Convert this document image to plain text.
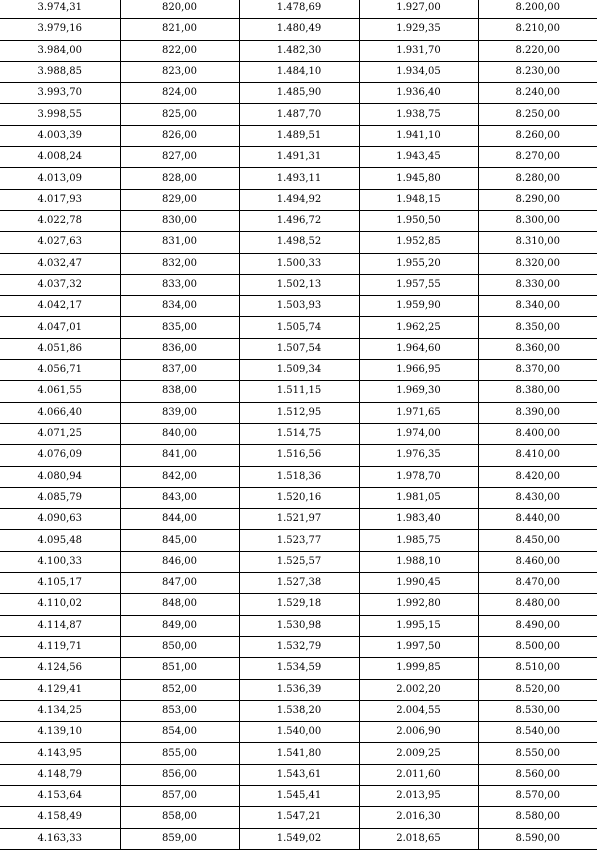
3.974,31	820,00	1.478,69	1.927,00	8.200,00
3.979,16	821,00	1.480,49	1.929,35	8.210,00
3.984,00	822,00	1.482,30	1.931,70	8.220,00
3.988,85	823,00	1.484,10	1.934,05	8.230,00
3.993,70	824,00	1.485,90	1.936,40	8.240,00
3.998,55	825,00	1.487,70	1.938,75	8.250,00
4.003,39	826,00	1.489,51	1.941,10	8.260,00
4.008,24	827,00	1.491,31	1.943,45	8.270,00
4.013,09	828,00	1.493,11	1.945,80	8.280,00
4.017,93	829,00	1.494,92	1.948,15	8.290,00
4.022,78	830,00	1.496,72	1.950,50	8.300,00
4.027,63	831,00	1.498,52	1.952,85	8.310,00
4.032,47	832,00	1.500,33	1.955,20	8.320,00
4.037,32	833,00	1.502,13	1.957,55	8.330,00
4.042,17	834,00	1.503,93	1.959,90	8.340,00
4.047,01	835,00	1.505,74	1.962,25	8.350,00
4.051,86	836,00	1.507,54	1.964,60	8.360,00
4.056,71	837,00	1.509,34	1.966,95	8.370,00
4.061,55	838,00	1.511,15	1.969,30	8.380,00
4.066,40	839,00	1.512,95	1.971,65	8.390,00
4.071,25	840,00	1.514,75	1.974,00	8.400,00
4.076,09	841,00	1.516,56	1.976,35	8.410,00
4.080,94	842,00	1.518,36	1.978,70	8.420,00
4.085,79	843,00	1.520,16	1.981,05	8.430,00
4.090,63	844,00	1.521,97	1.983,40	8.440,00
4.095,48	845,00	1.523,77	1.985,75	8.450,00
4.100,33	846,00	1.525,57	1.988,10	8.460,00
4.105,17	847,00	1.527,38	1.990,45	8.470,00
4.110,02	848,00	1.529,18	1.992,80	8.480,00
4.114,87	849,00	1.530,98	1.995,15	8.490,00
4.119,71	850,00	1.532,79	1.997,50	8.500,00
4.124,56	851,00	1.534,59	1.999,85	8.510,00
4.129,41	852,00	1.536,39	2.002,20	8.520,00
4.134,25	853,00	1.538,20	2.004,55	8.530,00
4.139,10	854,00	1.540,00	2.006,90	8.540,00
4.143,95	855,00	1.541,80	2.009,25	8.550,00
4.148,79	856,00	1.543,61	2.011,60	8.560,00
4.153,64	857,00	1.545,41	2.013,95	8.570,00
4.158,49	858,00	1.547,21	2.016,30	8.580,00
4.163,33	859,00	1.549,02	2.018,65	8.590,00
